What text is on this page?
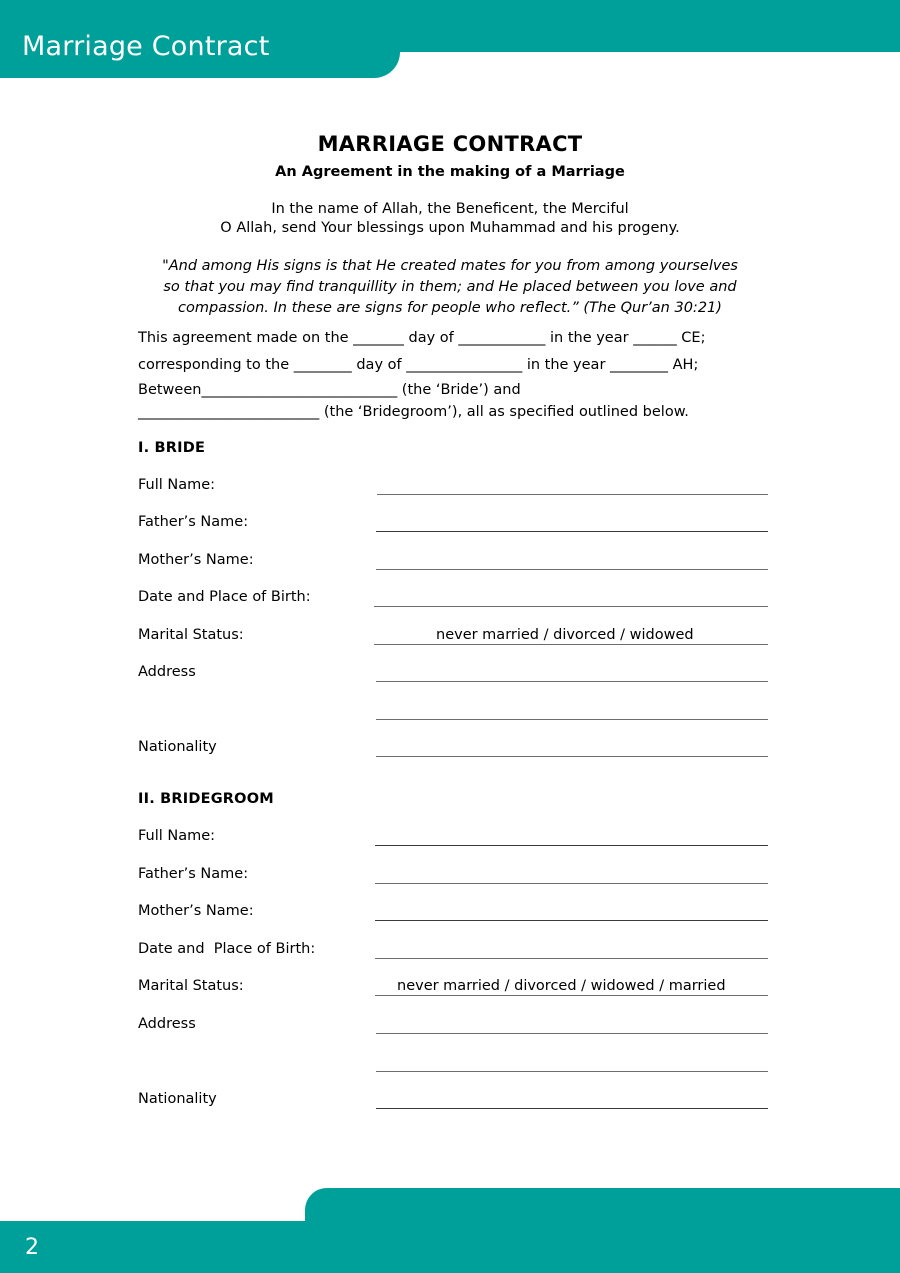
Marriage Contract
MARRIAGE CONTRACT
An Agreement in the making of a Marriage
In the name of Allah, the Beneficent, the Merciful
O Allah, send Your blessings upon Muhammad and his progeny.
"And among His signs is that He created mates for you from among yourselves
so that you may find tranquillity in them; and He placed between you love and
compassion. In these are signs for people who reflect.” (The Qur’an 30:21)
This agreement made on the _______ day of ____________ in the year ______ CE;
corresponding to the ________ day of ________________ in the year ________ AH;
Between___________________________ (the ‘Bride’) and
_________________________ (the ‘Bridegroom’), all as specified outlined below.
I. BRIDE
Full Name:
Father’s Name:
Mother’s Name:
Date and Place of Birth:
Marital Status:	never married / divorced / widowed
Address
Nationality
II. BRIDEGROOM
Full Name:
Father’s Name:
Mother’s Name:
Date and  Place of Birth:
Marital Status:	never married / divorced / widowed / married
Address
Nationality
2
